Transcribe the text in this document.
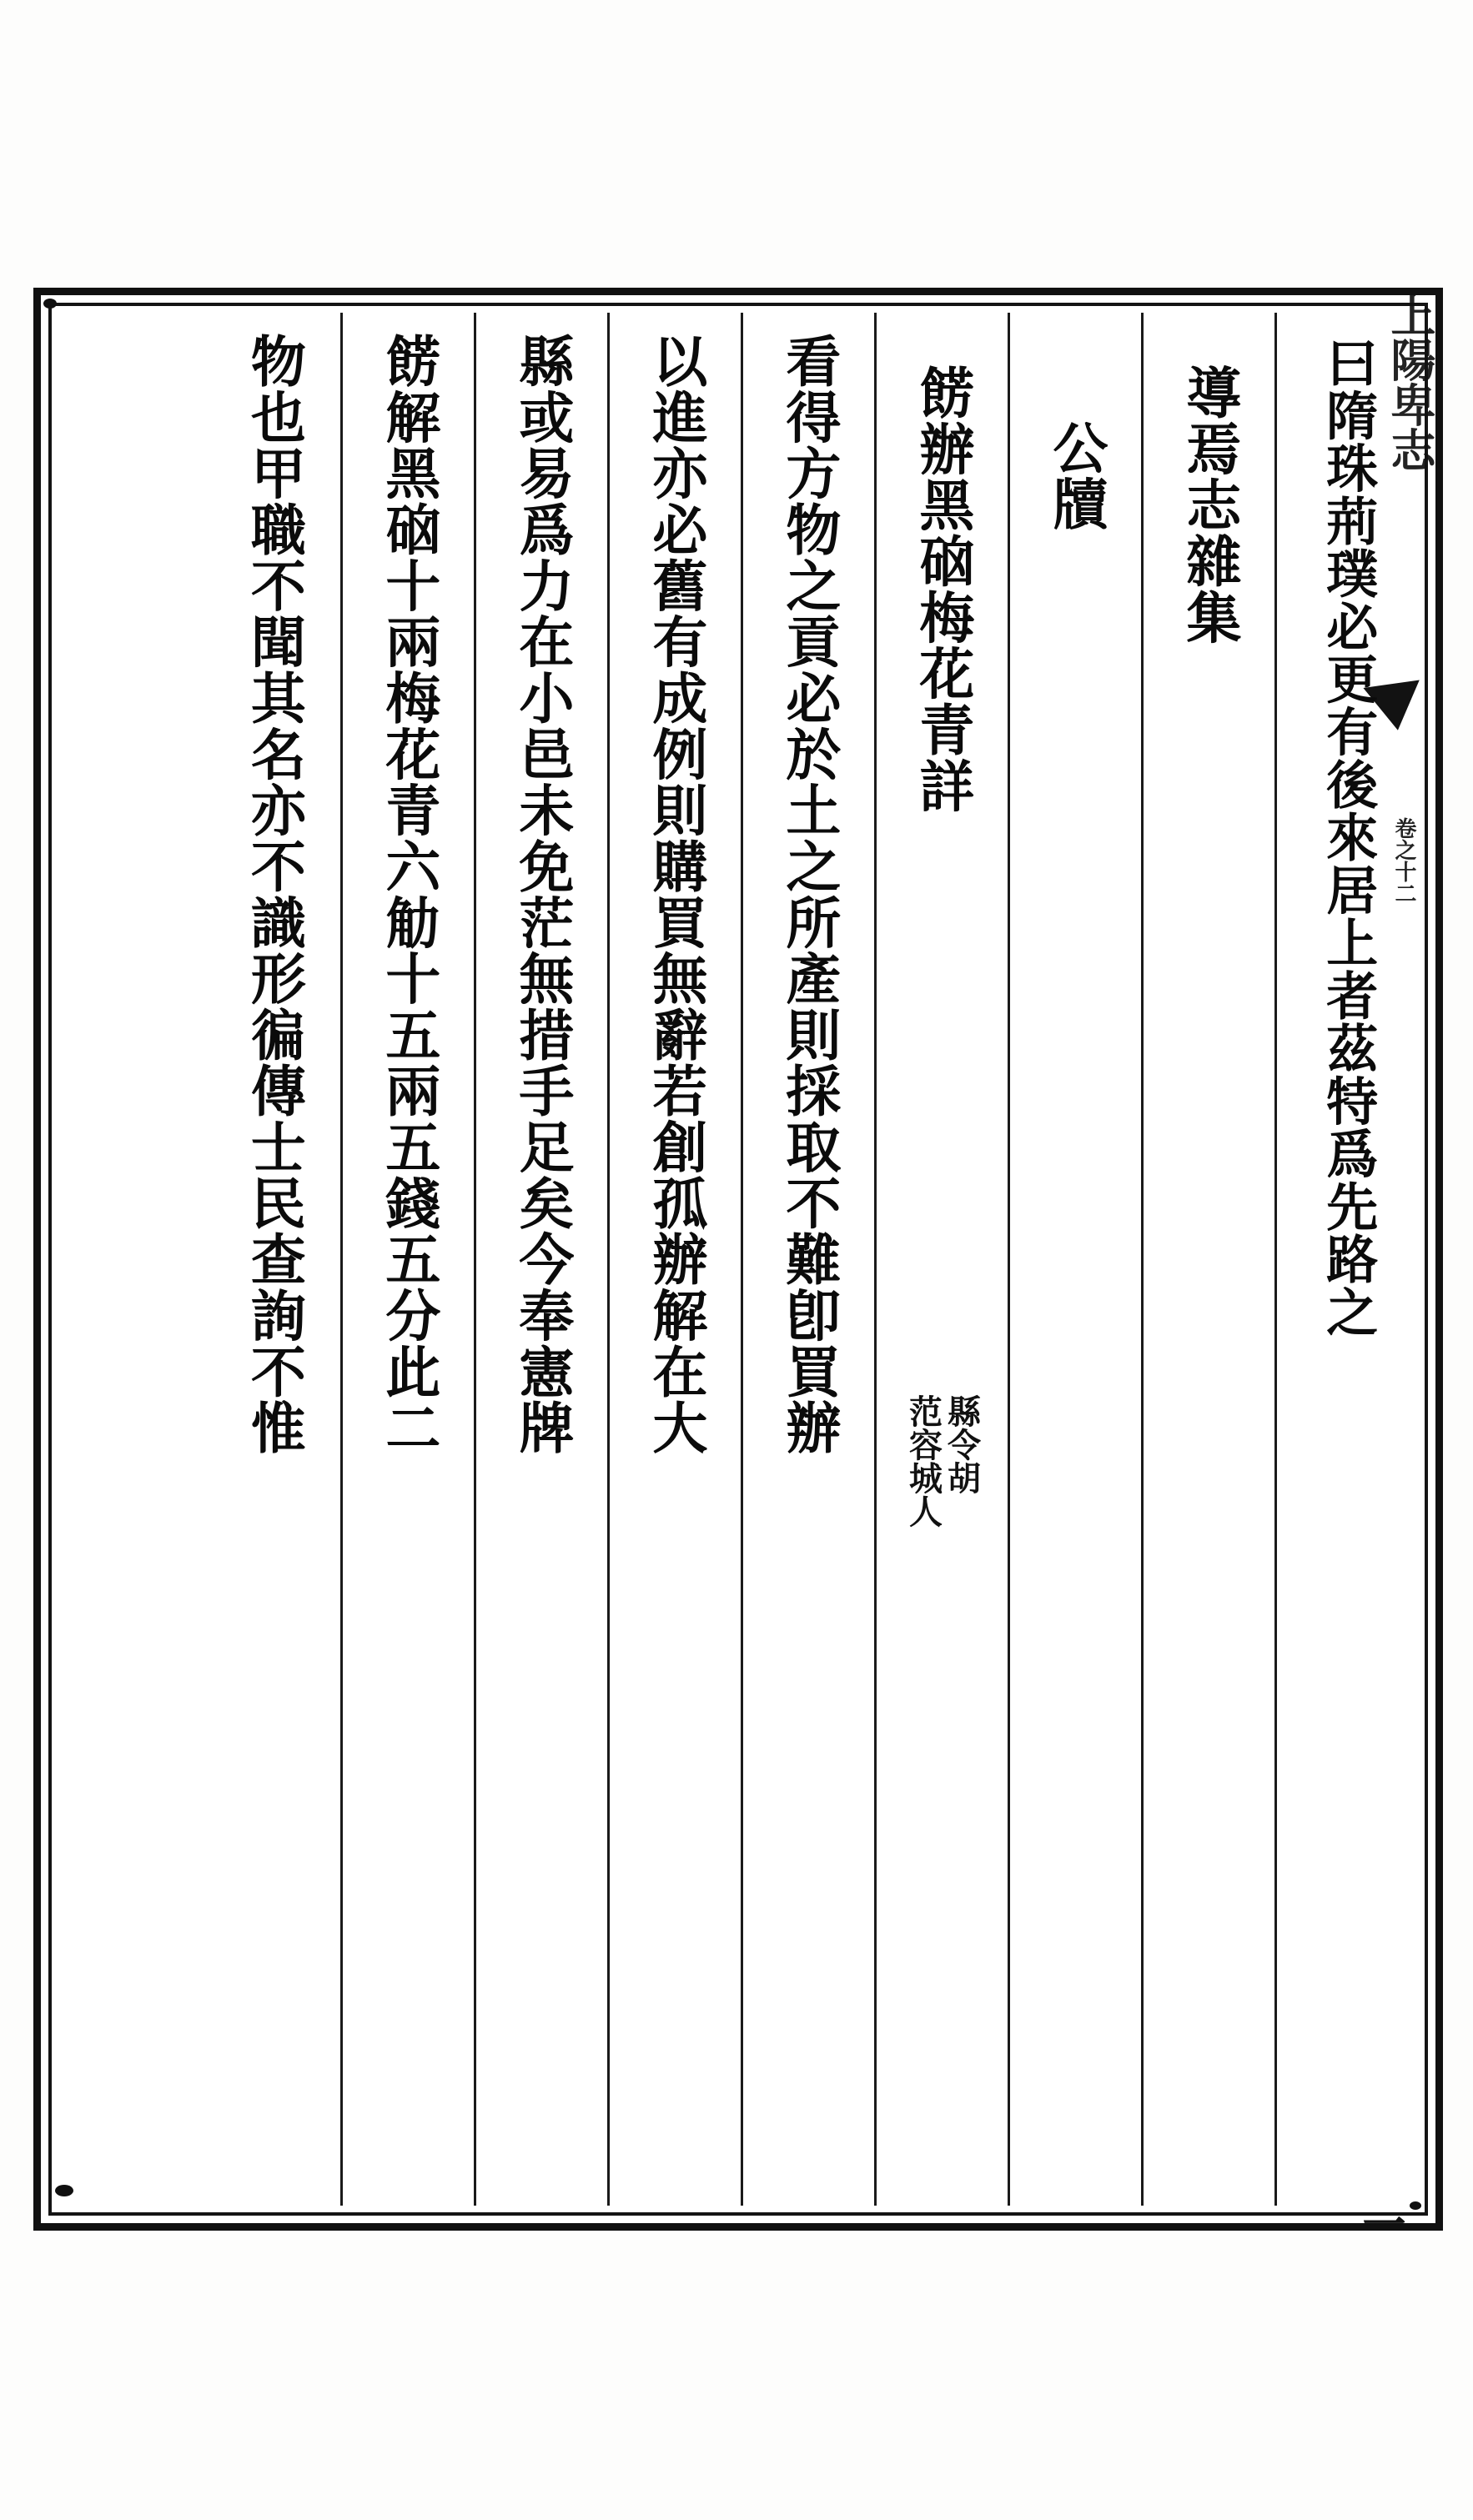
上陽卑志
卷之十二
一
曰隋珠荊璞必更有後來居上者茲特爲先路之
導焉志雜集
公牘
餝辦黑硇梅花青詳
縣令胡
范容城人
看得方物之貢必於土之所產則採取不難卽買辦
以進亦必舊有成例則購買無辭若創孤辦解在大
縣或易爲力在小邑未免茫無措手足矣今奉憲牌
餝解黑硇十兩梅花青六觔十五兩五錢五分此二
物也甲職不聞其名亦不識形徧傳士民查詢不惟
